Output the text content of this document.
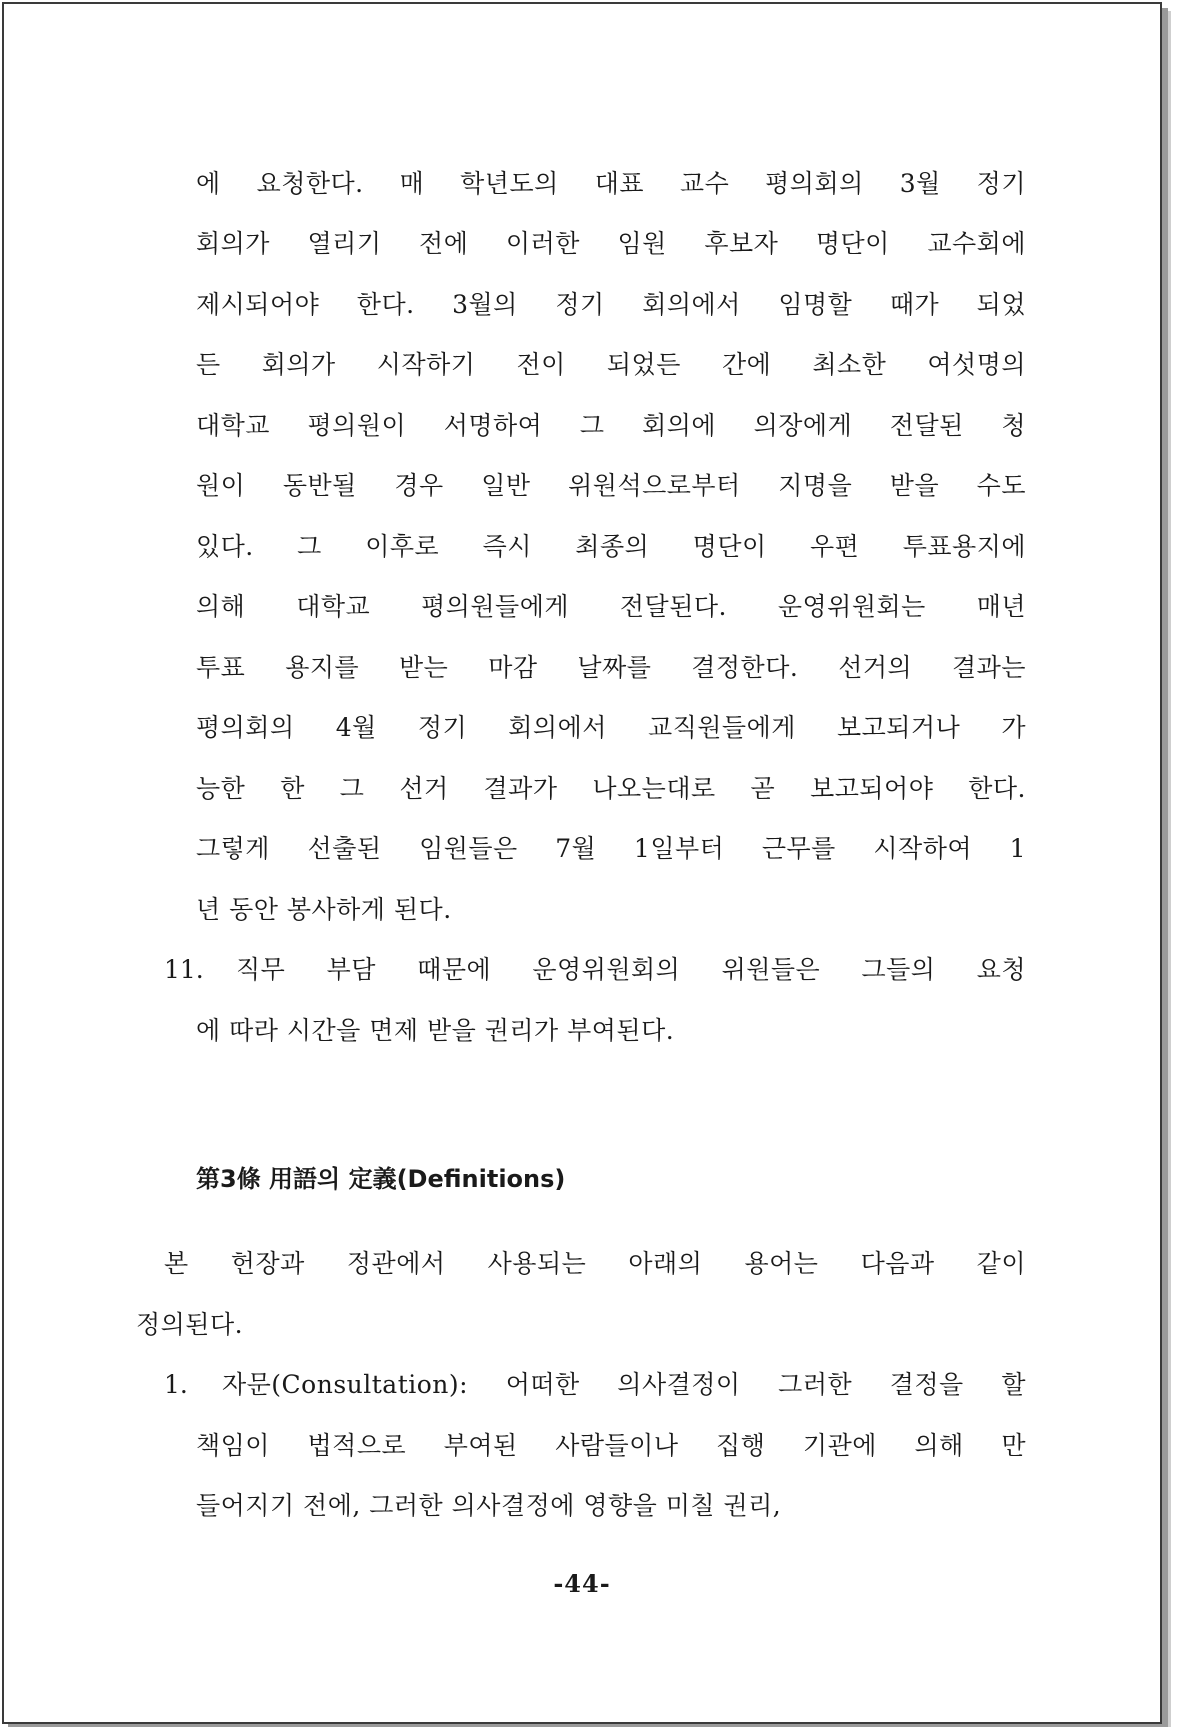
에 요청한다. 매 학년도의 대표 교수 평의회의 3월 정기
회의가 열리기 전에 이러한 임원 후보자 명단이 교수회에
제시되어야 한다. 3월의 정기 회의에서 임명할 때가 되었
든 회의가 시작하기 전이 되었든 간에 최소한 여섯명의
대학교 평의원이 서명하여 그 회의에 의장에게 전달된 청
원이 동반될 경우 일반 위원석으로부터 지명을 받을 수도
있다. 그 이후로 즉시 최종의 명단이 우편 투표용지에
의해 대학교 평의원들에게 전달된다. 운영위원회는 매년
투표 용지를 받는 마감 날짜를 결정한다. 선거의 결과는
평의회의 4월 정기 회의에서 교직원들에게 보고되거나 가
능한 한 그 선거 결과가 나오는대로 곧 보고되어야 한다.
그렇게 선출된 임원들은 7월 1일부터 근무를 시작하여 1
년 동안 봉사하게 된다.
11. 직무 부담 때문에 운영위원회의 위원들은 그들의 요청
에 따라 시간을 면제 받을 권리가 부여된다.
第3條 用語의 定義(Definitions)
본 헌장과 정관에서 사용되는 아래의 용어는 다음과 같이
정의된다.
1. 자문(Consultation): 어떠한 의사결정이 그러한 결정을 할
책임이 법적으로 부여된 사람들이나 집행 기관에 의해 만
들어지기 전에, 그러한 의사결정에 영향을 미칠 권리,
-44-
